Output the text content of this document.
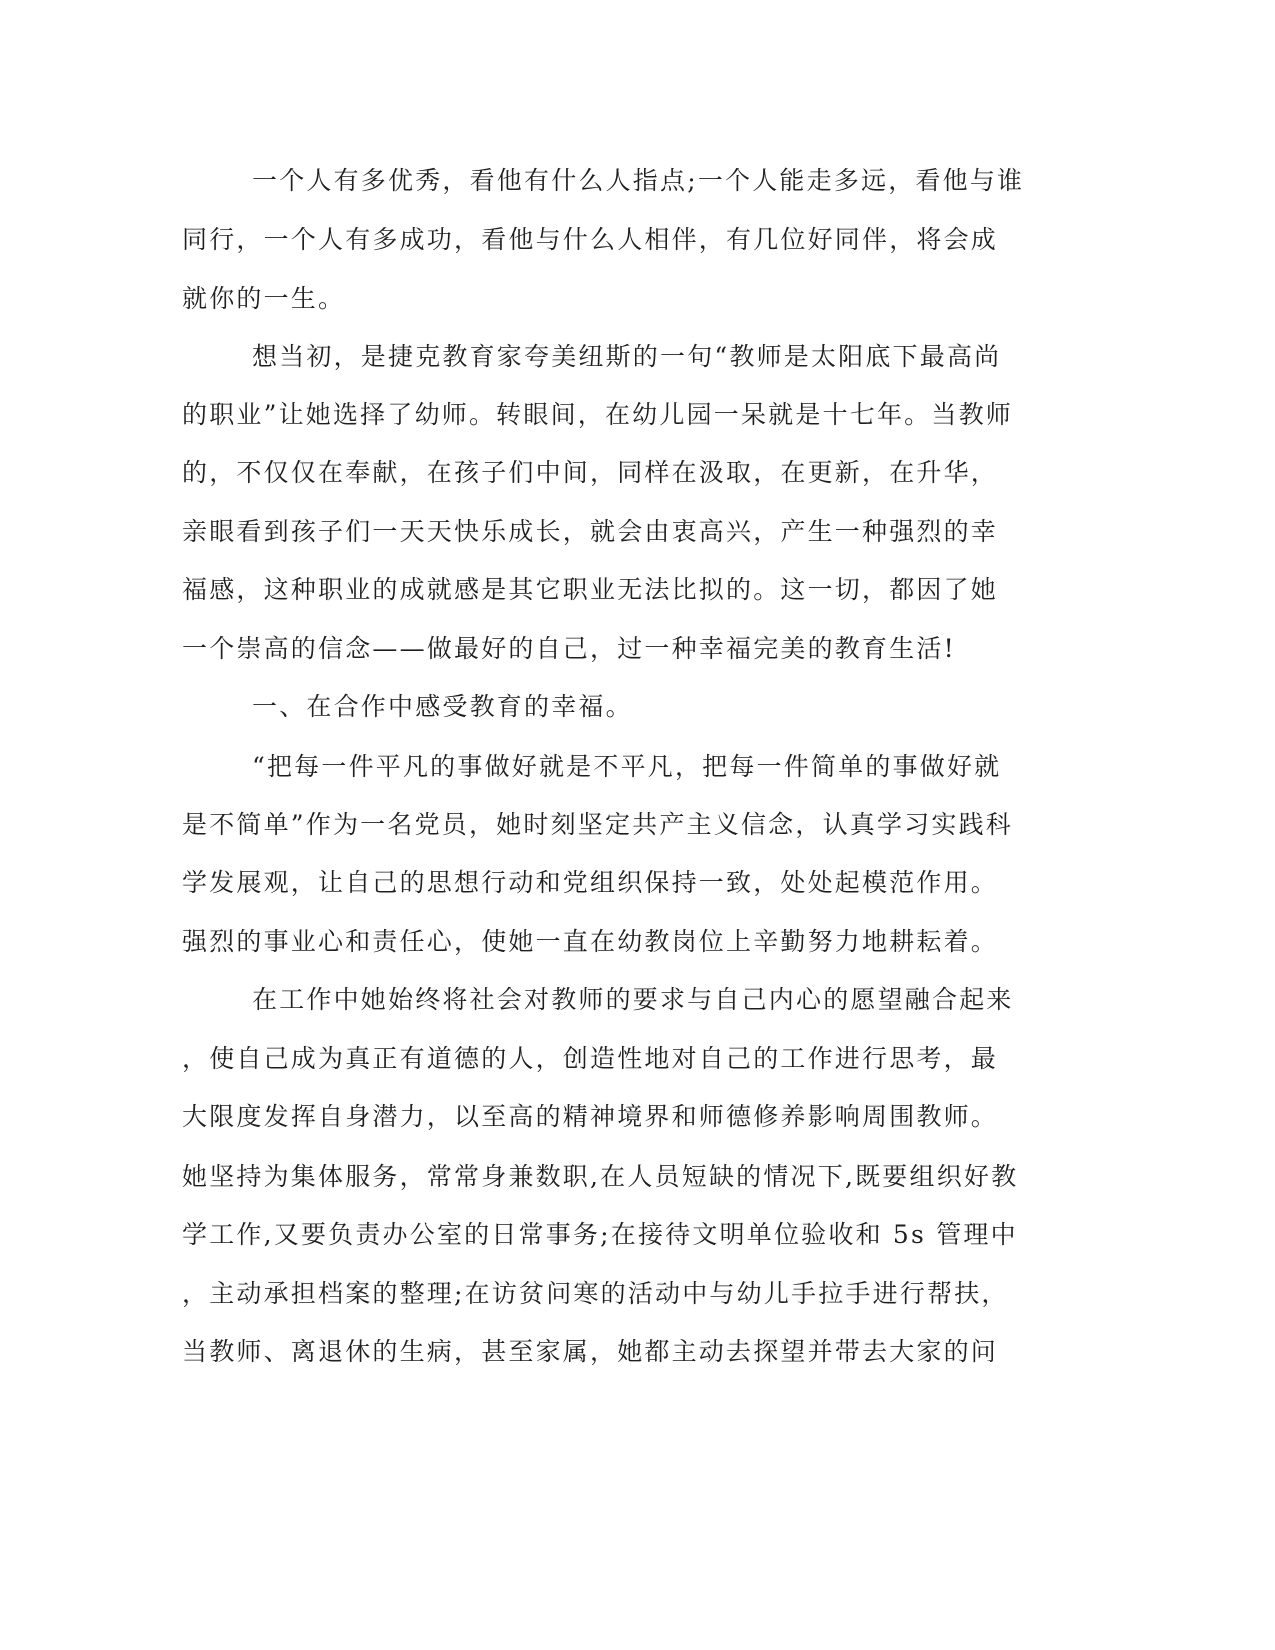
一个人有多优秀，看他有什么人指点;一个人能走多远，看他与谁
同行，一个人有多成功，看他与什么人相伴，有几位好同伴，将会成
就你的一生。
想当初，是捷克教育家夸美纽斯的一句“教师是太阳底下最高尚
的职业”让她选择了幼师。转眼间，在幼儿园一呆就是十七年。当教师
的，不仅仅在奉献，在孩子们中间，同样在汲取，在更新，在升华，
亲眼看到孩子们一天天快乐成长，就会由衷高兴，产生一种强烈的幸
福感，这种职业的成就感是其它职业无法比拟的。这一切，都因了她
一个崇高的信念——做最好的自己，过一种幸福完美的教育生活!
一、在合作中感受教育的幸福。
“把每一件平凡的事做好就是不平凡，把每一件简单的事做好就
是不简单”作为一名党员，她时刻坚定共产主义信念，认真学习实践科
学发展观，让自己的思想行动和党组织保持一致，处处起模范作用。
强烈的事业心和责任心，使她一直在幼教岗位上辛勤努力地耕耘着。
在工作中她始终将社会对教师的要求与自己内心的愿望融合起来
，使自己成为真正有道德的人，创造性地对自己的工作进行思考，最
大限度发挥自身潜力，以至高的精神境界和师德修养影响周围教师。
她坚持为集体服务，常常身兼数职,在人员短缺的情况下,既要组织好教
学工作,又要负责办公室的日常事务;在接待文明单位验收和 5s 管理中
，主动承担档案的整理;在访贫问寒的活动中与幼儿手拉手进行帮扶，
当教师、离退休的生病，甚至家属，她都主动去探望并带去大家的问
